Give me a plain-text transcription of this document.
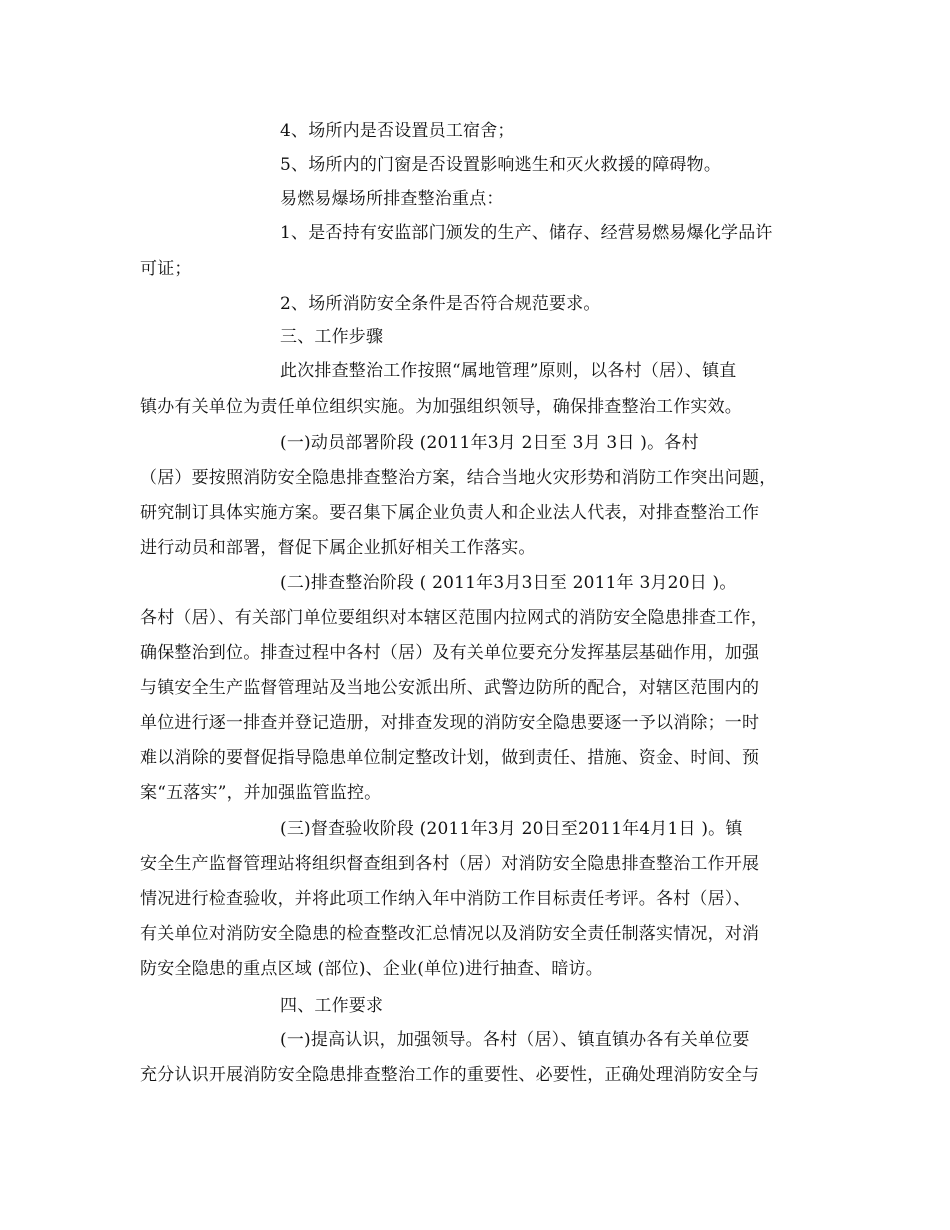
4、场所内是否设置员工宿舍；
5、场所内的门窗是否设置影响逃生和灭火救援的障碍物。
易燃易爆场所排查整治重点：
1、是否持有安监部门颁发的生产、储存、经营易燃易爆化学品许
可证；
2、场所消防安全条件是否符合规范要求。
三、工作步骤
此次排查整治工作按照“属地管理”原则，以各村（居）、镇直
镇办有关单位为责任单位组织实施。为加强组织领导，确保排查整治工作实效。
(一)动员部署阶段 (2011年3月 2日至 3月 3日 )。各村
（居）要按照消防安全隐患排查整治方案，结合当地火灾形势和消防工作突出问题，
研究制订具体实施方案。要召集下属企业负责人和企业法人代表，对排查整治工作
进行动员和部署，督促下属企业抓好相关工作落实。
(二)排查整治阶段 ( 2011年3月3日至 2011年 3月20日 )。
各村（居）、有关部门单位要组织对本辖区范围内拉网式的消防安全隐患排查工作，
确保整治到位。排查过程中各村（居）及有关单位要充分发挥基层基础作用，加强
与镇安全生产监督管理站及当地公安派出所、武警边防所的配合，对辖区范围内的
单位进行逐一排查并登记造册，对排查发现的消防安全隐患要逐一予以消除；一时
难以消除的要督促指导隐患单位制定整改计划，做到责任、措施、资金、时间、预
案“五落实”，并加强监管监控。
(三)督查验收阶段 (2011年3月 20日至2011年4月1日 )。镇
安全生产监督管理站将组织督查组到各村（居）对消防安全隐患排查整治工作开展
情况进行检查验收，并将此项工作纳入年中消防工作目标责任考评。各村（居）、
有关单位对消防安全隐患的检查整改汇总情况以及消防安全责任制落实情况，对消
防安全隐患的重点区域 (部位)、企业(单位)进行抽查、暗访。
四、工作要求
(一)提高认识，加强领导。各村（居）、镇直镇办各有关单位要
充分认识开展消防安全隐患排查整治工作的重要性、必要性，正确处理消防安全与
